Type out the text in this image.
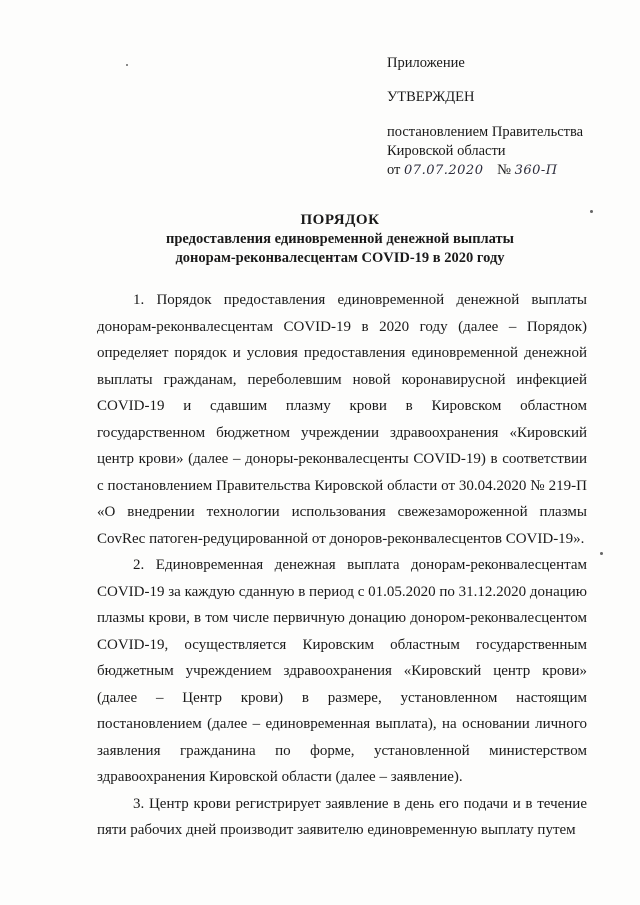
Приложение
УТВЕРЖДЕН
постановлением Правительства
Кировской области
от 07.07.2020 № 360-П
ПОРЯДОК
предоставления единовременной денежной выплаты
донорам-реконвалесцентам COVID-19 в 2020 году

1. Порядок предоставления единовременной денежной выплаты донорам-реконвалесцентам COVID-19 в 2020 году (далее – Порядок) определяет порядок и условия предоставления единовременной денежной выплаты гражданам, переболевшим новой коронавирусной инфекцией COVID-19 и сдавшим плазму крови в Кировском областном государственном бюджетном учреждении здравоохранения «Кировский центр крови» (далее – доноры-реконвалесценты COVID-19) в соответствии с постановлением Правительства Кировской области от 30.04.2020 № 219-П «О внедрении технологии использования свежезамороженной плазмы CovRec патоген-редуцированной от доноров-реконвалесцентов COVID-19».

2. Единовременная денежная выплата донорам-реконвалесцентам COVID-19 за каждую сданную в период с 01.05.2020 по 31.12.2020 донацию плазмы крови, в том числе первичную донацию донором-реконвалесцентом COVID-19, осуществляется Кировским областным государственным бюджетным учреждением здравоохранения «Кировский центр крови» (далее – Центр крови) в размере, установленном настоящим постановлением (далее – единовременная выплата), на основании личного заявления гражданина по форме, установленной министерством здравоохранения Кировской области (далее – заявление).

3. Центр крови регистрирует заявление в день его подачи и в течение пяти рабочих дней производит заявителю единовременную выплату путем
